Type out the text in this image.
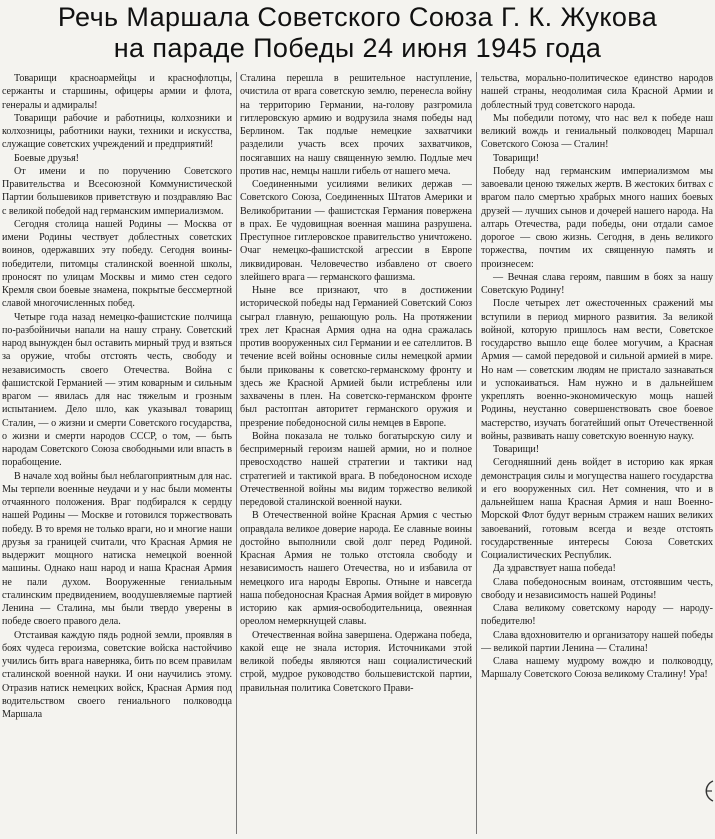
Речь Маршала Советского Союза Г. К. Жукова
на параде Победы 24 июня 1945 года

Товарищи красноармейцы и краснофлотцы, сержанты и старшины, офицеры армии и флота, генералы и адмиралы!

Товарищи рабочие и работницы, колхозники и колхозницы, работники науки, техники и искусства, служащие советских учреждений и предприятий!

Боевые друзья!

От имени и по поручению Советского Правительства и Всесоюзной Коммунистической Партии большевиков приветствую и поздравляю Вас с великой победой над германским империализмом.

Сегодня столица нашей Родины — Москва от имени Родины чествует доблестных советских воинов, одержавших эту победу. Сегодня воины-победители, питомцы сталинской военной школы, проносят по улицам Москвы и мимо стен седого Кремля свои боевые знамена, покрытые бессмертной славой многочисленных побед.

Четыре года назад немецко-фашистские полчища по-разбойничьи напали на нашу страну. Советский народ вынужден был оставить мирный труд и взяться за оружие, чтобы отстоять честь, свободу и независимость своего Отечества. Война с фашистской Германией — этим коварным и сильным врагом — явилась для нас тяжелым и грозным испытанием. Дело шло, как указывал товарищ Сталин, — о жизни и смерти Советского государства, о жизни и смерти народов СССР, о том, — быть народам Советского Союза свободными или впасть в порабощение.

В начале ход войны был неблагоприятным для нас. Мы терпели военные неудачи и у нас были моменты отчаянного положения. Враг подбирался к сердцу нашей Родины — Москве и готовился торжествовать победу. В то время не только враги, но и многие наши друзья за границей считали, что Красная Армия не выдержит мощного натиска немецкой военной машины. Однако наш народ и наша Красная Армия не пали духом. Вооруженные гениальным сталинским предвидением, воодушевляемые партией Ленина — Сталина, мы были твердо уверены в победе своего правого дела.

Отстаивая каждую пядь родной земли, проявляя в боях чудеса героизма, советские войска настойчиво учились бить врага наверняка, бить по всем правилам сталинской военной науки. И они научились этому. Отразив натиск немецких войск, Красная Армия под водительством своего гениального полководца Маршала

Сталина перешла в решительное наступление, очистила от врага советскую землю, перенесла войну на территорию Германии, на-голову разгромила гитлеровскую армию и водрузила знамя победы над Берлином. Так подлые немецкие захватчики разделили участь всех прочих захватчиков, посягавших на нашу священную землю. Подлые меч против нас, немцы нашли гибель от нашего меча.

Соединенными усилиями великих держав — Советского Союза, Соединенных Штатов Америки и Великобритании — фашистская Германия повержена в прах. Ее чудовищная военная машина разрушена. Преступное гитлеровское правительство уничтожено. Очаг немецко-фашистской агрессии в Европе ликвидирован. Человечество избавлено от своего злейшего врага — германского фашизма.

Ныне все признают, что в достижении исторической победы над Германией Советский Союз сыграл главную, решающую роль. На протяжении трех лет Красная Армия одна на одна сражалась против вооруженных сил Германии и ее сателлитов. В течение всей войны основные силы немецкой армии были прикованы к советско-германскому фронту и здесь же Красной Армией были истреблены или захвачены в плен. На советско-германском фронте был растоптан авторитет германского оружия и презрение победоносной силы немцев в Европе.

Война показала не только богатырскую силу и беспримерный героизм нашей армии, но и полное превосходство нашей стратегии и тактики над стратегией и тактикой врага. В победоносном исходе Отечественной войны мы видим торжество великой передовой сталинской военной науки.

В Отечественной войне Красная Армия с честью оправдала великое доверие народа. Ее славные воины достойно выполнили свой долг перед Родиной. Красная Армия не только отстояла свободу и независимость нашего Отечества, но и избавила от немецкого ига народы Европы. Отныне и навсегда наша победоносная Красная Армия войдет в мировую историю как армия-освободительница, овеянная ореолом немеркнущей славы.

Отечественная война завершена. Одержана победа, какой еще не знала история. Источниками этой великой победы являются наш социалистический строй, мудрое руководство большевистской партии, правильная политика Советского Прави-

тельства, морально-политическое единство народов нашей страны, неодолимая сила Красной Армии и доблестный труд советского народа.

Мы победили потому, что нас вел к победе наш великий вождь и гениальный полководец Маршал Советского Союза — Сталин!

Товарищи!

Победу над германским империализмом мы завоевали ценою тяжелых жертв. В жестоких битвах с врагом пало смертью храбрых много наших боевых друзей — лучших сынов и дочерей нашего народа. На алтарь Отечества, ради победы, они отдали самое дорогое — свою жизнь. Сегодня, в день великого торжества, почтим их священную память и произнесем:

— Вечная слава героям, павшим в боях за нашу Советскую Родину!

После четырех лет ожесточенных сражений мы вступили в период мирного развития. За великой войной, которую пришлось нам вести, Советское государство вышло еще более могучим, а Красная Армия — самой передовой и сильной армией в мире. Но нам — советским людям не пристало зазнаваться и успокаиваться. Нам нужно и в дальнейшем укреплять военно-экономическую мощь нашей Родины, неустанно совершенствовать свое боевое мастерство, изучать богатейший опыт Отечественной войны, развивать нашу советскую военную науку.

Товарищи!

Сегодняшний день войдет в историю как яркая демонстрация силы и могущества нашего государства и его вооруженных сил. Нет сомнения, что и в дальнейшем наша Красная Армия и наш Военно-Морской Флот будут верным стражем наших великих завоеваний, готовым всегда и везде отстоять государственные интересы Союза Советских Социалистических Республик.

Да здравствует наша победа!

Слава победоносным воинам, отстоявшим честь, свободу и независимость нашей Родины!

Слава великому советскому народу — народу-победителю!

Слава вдохновителю и организатору нашей победы — великой партии Ленина — Сталина!

Слава нашему мудрому вождю и полководцу, Маршалу Советского Союза великому Сталину! Ура!
